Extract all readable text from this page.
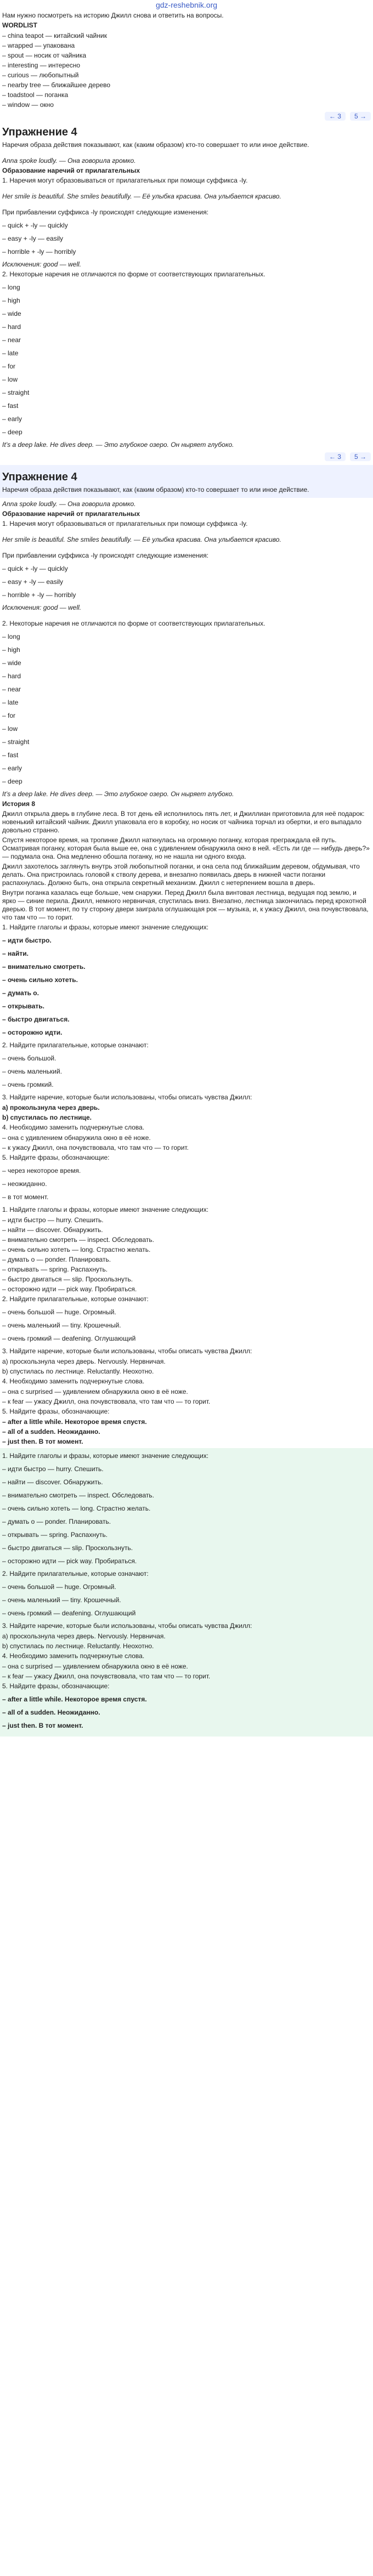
gdz-reshebnik.org
Нам нужно посмотреть на историю Джилл снова и ответить на вопросы.
WORDLIST
– china teapot — китайский чайник
– wrapped — упакована
– spout — носик от чайника
– interesting — интересно
– curious — любопытный
– nearby tree — ближайшее дерево
– toadstool — поганка
– window — окно
← 3	5 →
Упражнение 4
Наречия образа действия показывают, как (каким образом) кто-то совершает то или иное действие.
Anna spoke loudly. — Она говорила громко.
Образование наречий от прилагательных
1. Наречия могут образовываться от прилагательных при помощи суффикса -ly.
Her smile is beautiful. She smiles beautifully. — Её улыбка красива. Она улыбается красиво.
При прибавлении суффикса -ly происходят следующие изменения:
– quick + -ly — quickly
– easy + -ly — easily
– horrible + -ly — horribly
Исключения: good — well.
2. Некоторые наречия не отличаются по форме от соответствующих прилагательных.
– long
– high
– wide
– hard
– near
– late
– for
– low
– straight
– fast
– early
– deep
It’s a deep lake. He dives deep. — Это глубокое озеро. Он ныряет глубоко.
← 3	5 →
Упражнение 4
Наречия образа действия показывают, как (каким образом) кто-то совершает то или иное действие.
Anna spoke loudly. — Она говорила громко.
Образование наречий от прилагательных
1. Наречия могут образовываться от прилагательных при помощи суффикса -ly.
Her smile is beautiful. She smiles beautifully. — Её улыбка красива. Она улыбается красиво.
При прибавлении суффикса -ly происходят следующие изменения:
– quick + -ly — quickly
– easy + -ly — easily
– horrible + -ly — horribly
Исключения: good — well.
2. Некоторые наречия не отличаются по форме от соответствующих прилагательных.
– long
– high
– wide
– hard
– near
– late
– for
– low
– straight
– fast
– early
– deep
It’s a deep lake. He dives deep. — Это глубокое озеро. Он ныряет глубоко.
История 8
Джилл открыла дверь в глубине леса. В тот день ей исполнилось пять лет, и Джиллиан приготовила для неё подарок: новенький китайский чайник. Джилл упаковала его в коробку, но носик от чайника торчал из обертки, и его выпадало довольно странно.
Спустя некоторое время, на тропинке Джилл наткнулась на огромную поганку, которая преграждала ей путь. Осматривая поганку, которая была выше ее, она с удивлением обнаружила окно в ней. «Есть ли где — нибудь дверь?» — подумала она. Она медленно обошла поганку, но не нашла ни одного входа.
Джилл захотелось заглянуть внутрь этой любопытной поганки, и она села под ближайшим деревом, обдумывая, что делать. Она пристроилась головой к стволу дерева, и внезапно появилась дверь в нижней части поганки распахнулась. Должно быть, она открыла секретный механизм. Джилл с нетерпением вошла в дверь.
Внутри поганка казалась еще больше, чем снаружи. Перед Джилл была винтовая лестница, ведущая под землю, и ярко — синие перила. Джилл, немного нервничая, спустилась вниз. Внезапно, лестница закончилась перед крохотной дверью. В тот момент, по ту сторону двери заиграла оглушающая рок — музыка, и, к ужасу Джилл, она почувствовала, что там что — то горит.
1. Найдите глаголы и фразы, которые имеют значение следующих:
– идти быстро.
– найти.
– внимательно смотреть.
– очень сильно хотеть.
– думать о.
– открывать.
– быстро двигаться.
– осторожно идти.
2. Найдите прилагательные, которые означают:
– очень большой.
– очень маленький.
– очень громкий.
3. Найдите наречие, которые были использованы, чтобы описать чувства Джилл:
a) прокользнула через дверь.
b) спустилась по лестнице.
4. Необходимо заменить подчеркнутые слова.
– она с удивлением обнаружила окно в её ноже.
– к ужасу Джилл, она почувствовала, что там что — то горит.
5. Найдите фразы, обозначающие:
– через некоторое время.
– неожиданно.
– в тот момент.
1. Найдите глаголы и фразы, которые имеют значение следующих:
– идти быстро — hurry. Спешить.
– найти — discover. Обнаружить.
– внимательно смотреть — inspect. Обследовать.
– очень сильно хотеть — long. Страстно желать.
– думать о — ponder. Планировать.
– открывать — spring. Распахнуть.
– быстро двигаться — slip. Проскользнуть.
– осторожно идти — pick way. Пробираться.
2. Найдите прилагательные, которые означают:
– очень большой — huge. Огромный.
– очень маленький — tiny. Крошечный.
– очень громкий — deafening. Оглушающий
3. Найдите наречие, которые были использованы, чтобы описать чувства Джилл:
a) проскользнула через дверь. Nervously. Нервничая.
b) спустилась по лестнице. Reluctantly. Неохотно.
4. Необходимо заменить подчеркнутые слова.
– она с surprised — удивлением обнаружила окно в её ноже.
– к fear — ужасу Джилл, она почувствовала, что там что — то горит.
5. Найдите фразы, обозначающие:
– after a little while. Некоторое время спустя.
– all of a sudden. Неожиданно.
– just then. В тот момент.
1. Найдите глаголы и фразы, которые имеют значение следующих:
– идти быстро — hurry. Спешить.
– найти — discover. Обнаружить.
– внимательно смотреть — inspect. Обследовать.
– очень сильно хотеть — long. Страстно желать.
– думать о — ponder. Планировать.
– открывать — spring. Распахнуть.
– быстро двигаться — slip. Проскользнуть.
– осторожно идти — pick way. Пробираться.
2. Найдите прилагательные, которые означают:
– очень большой — huge. Огромный.
– очень маленький — tiny. Крошечный.
– очень громкий — deafening. Оглушающий
3. Найдите наречие, которые были использованы, чтобы описать чувства Джилл:
a) проскользнула через дверь. Nervously. Нервничая.
b) спустилась по лестнице. Reluctantly. Неохотно.
4. Необходимо заменить подчеркнутые слова.
– она с surprised — удивлением обнаружила окно в её ноже.
– к fear — ужасу Джилл, она почувствовала, что там что — то горит.
5. Найдите фразы, обозначающие:
– after a little while. Некоторое время спустя.
– all of a sudden. Неожиданно.
– just then. В тот момент.
